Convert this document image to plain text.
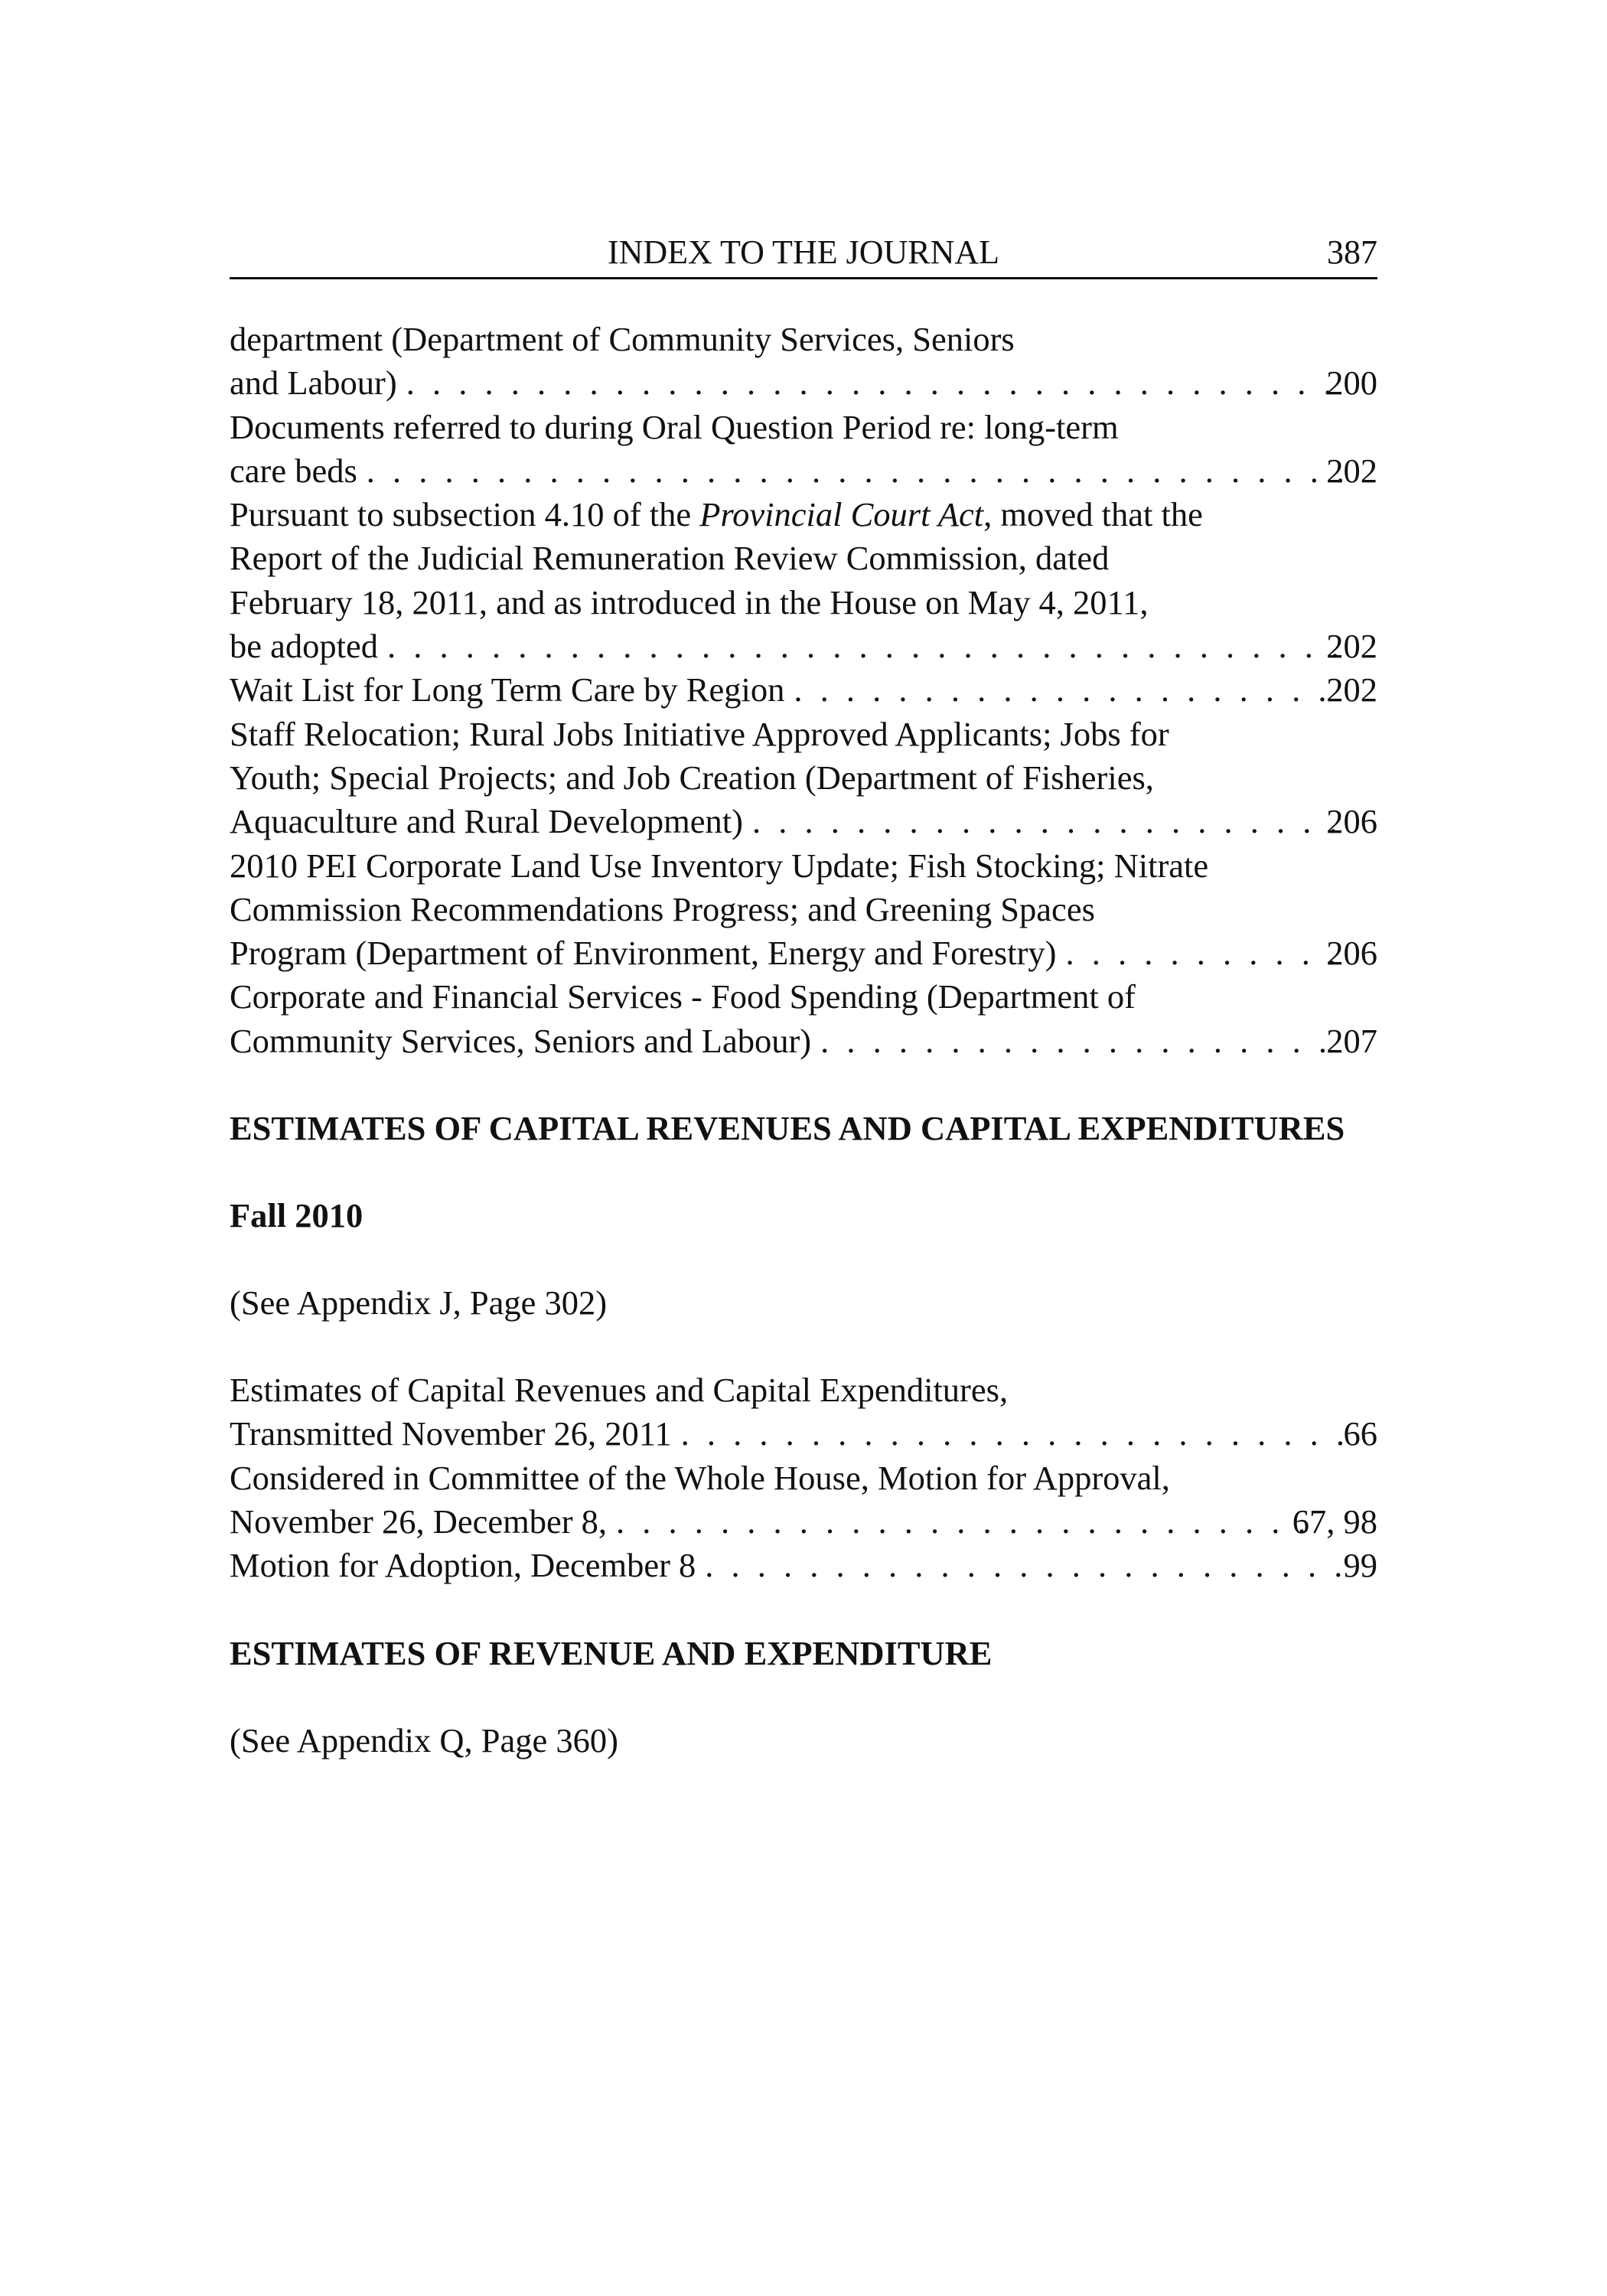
INDEX TO THE JOURNAL	387
department (Department of Community Services, Seniors
and Labour) . . .	200
Documents referred to during Oral Question Period re: long-term
care beds . . .	202
Pursuant to subsection 4.10 of the Provincial Court Act, moved that the
Report of the Judicial Remuneration Review Commission, dated
February 18, 2011, and as introduced in the House on May 4, 2011,
be adopted . . .	202
Wait List for Long Term Care by Region . . .	202
Staff Relocation; Rural Jobs Initiative Approved Applicants; Jobs for
Youth; Special Projects; and Job Creation (Department of Fisheries,
Aquaculture and Rural Development) . . .	206
2010 PEI Corporate Land Use Inventory Update; Fish Stocking; Nitrate
Commission Recommendations Progress; and Greening Spaces
Program (Department of Environment, Energy and Forestry) . . .	206
Corporate and Financial Services - Food Spending (Department of
Community Services, Seniors and Labour) . . .	207
ESTIMATES OF CAPITAL REVENUES AND CAPITAL EXPENDITURES
Fall 2010
(See Appendix J, Page 302)
Estimates of Capital Revenues and Capital Expenditures,
Transmitted November 26, 2011 . . .	66
Considered in Committee of the Whole House, Motion for Approval,
November 26, December 8, . . .	67, 98
Motion for Adoption, December 8 . . .	99
ESTIMATES OF REVENUE AND EXPENDITURE
(See Appendix Q, Page 360)
